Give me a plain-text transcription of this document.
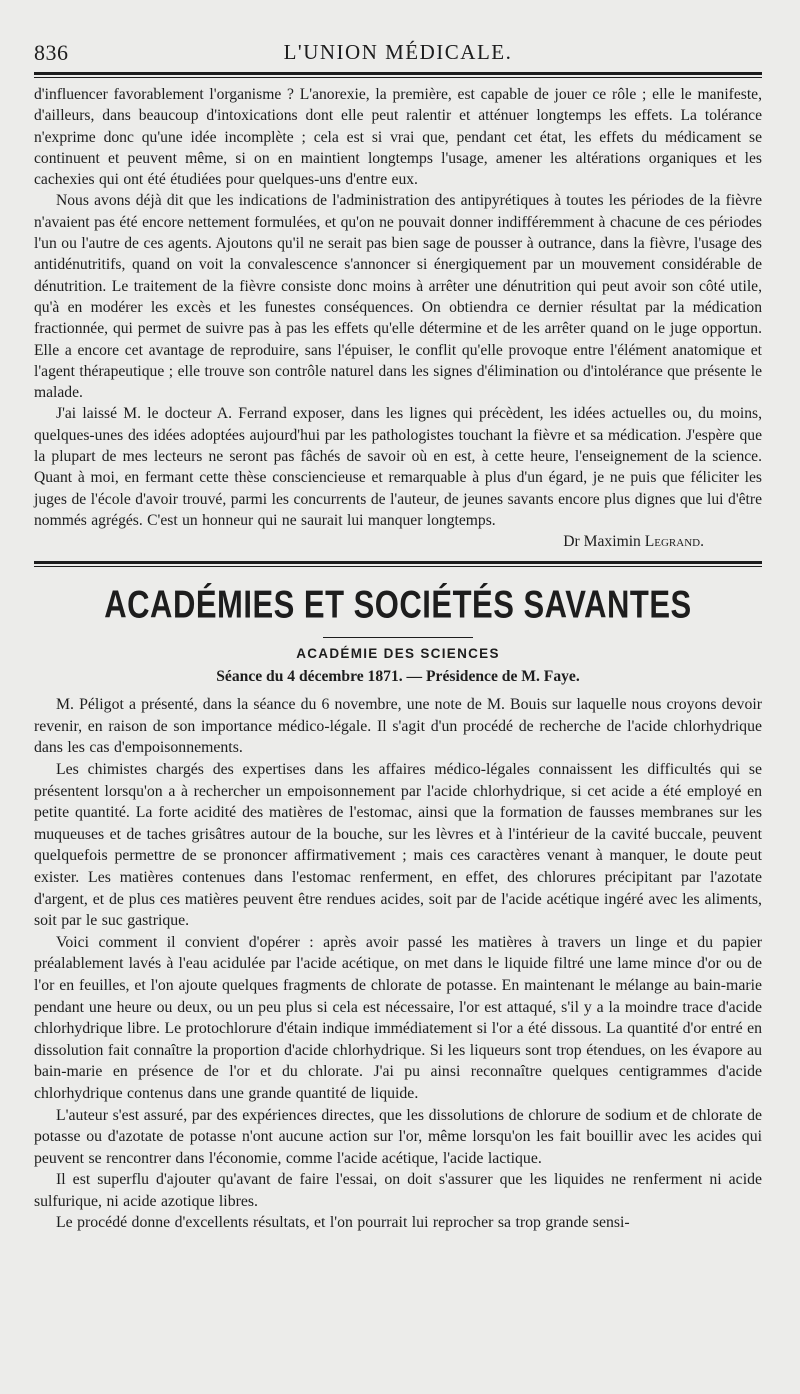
836	L'UNION MÉDICALE.

d'influencer favorablement l'organisme ? L'anorexie, la première, est capable de jouer ce rôle ; elle le manifeste, d'ailleurs, dans beaucoup d'intoxications dont elle peut ralentir et atténuer longtemps les effets. La tolérance n'exprime donc qu'une idée incomplète ; cela est si vrai que, pendant cet état, les effets du médicament se continuent et peuvent même, si on en maintient longtemps l'usage, amener les altérations organiques et les cachexies qui ont été étudiées pour quelques-uns d'entre eux.

Nous avons déjà dit que les indications de l'administration des antipyrétiques à toutes les périodes de la fièvre n'avaient pas été encore nettement formulées, et qu'on ne pouvait donner indifféremment à chacune de ces périodes l'un ou l'autre de ces agents. Ajoutons qu'il ne serait pas bien sage de pousser à outrance, dans la fièvre, l'usage des antidénutritifs, quand on voit la convalescence s'annoncer si énergiquement par un mouvement considérable de dénutrition. Le traitement de la fièvre consiste donc moins à arrêter une dénutrition qui peut avoir son côté utile, qu'à en modérer les excès et les funestes conséquences. On obtiendra ce dernier résultat par la médication fractionnée, qui permet de suivre pas à pas les effets qu'elle détermine et de les arrêter quand on le juge opportun. Elle a encore cet avantage de reproduire, sans l'épuiser, le conflit qu'elle provoque entre l'élément anatomique et l'agent thérapeutique ; elle trouve son contrôle naturel dans les signes d'élimination ou d'intolérance que présente le malade.

J'ai laissé M. le docteur A. Ferrand exposer, dans les lignes qui précèdent, les idées actuelles ou, du moins, quelques-unes des idées adoptées aujourd'hui par les pathologistes touchant la fièvre et sa médication. J'espère que la plupart de mes lecteurs ne seront pas fâchés de savoir où en est, à cette heure, l'enseignement de la science. Quant à moi, en fermant cette thèse consciencieuse et remarquable à plus d'un égard, je ne puis que féliciter les juges de l'école d'avoir trouvé, parmi les concurrents de l'auteur, de jeunes savants encore plus dignes que lui d'être nommés agrégés. C'est un honneur qui ne saurait lui manquer longtemps.

Dr Maximin Legrand.
ACADÉMIES ET SOCIÉTÉS SAVANTES
ACADÉMIE DES SCIENCES
Séance du 4 décembre 1871. — Présidence de M. Faye.

M. Péligot a présenté, dans la séance du 6 novembre, une note de M. Bouis sur laquelle nous croyons devoir revenir, en raison de son importance médico-légale. Il s'agit d'un procédé de recherche de l'acide chlorhydrique dans les cas d'empoisonnements.

Les chimistes chargés des expertises dans les affaires médico-légales connaissent les difficultés qui se présentent lorsqu'on a à rechercher un empoisonnement par l'acide chlorhydrique, si cet acide a été employé en petite quantité. La forte acidité des matières de l'estomac, ainsi que la formation de fausses membranes sur les muqueuses et de taches grisâtres autour de la bouche, sur les lèvres et à l'intérieur de la cavité buccale, peuvent quelquefois permettre de se prononcer affirmativement ; mais ces caractères venant à manquer, le doute peut exister. Les matières contenues dans l'estomac renferment, en effet, des chlorures précipitant par l'azotate d'argent, et de plus ces matières peuvent être rendues acides, soit par de l'acide acétique ingéré avec les aliments, soit par le suc gastrique.

Voici comment il convient d'opérer : après avoir passé les matières à travers un linge et du papier préalablement lavés à l'eau acidulée par l'acide acétique, on met dans le liquide filtré une lame mince d'or ou de l'or en feuilles, et l'on ajoute quelques fragments de chlorate de potasse. En maintenant le mélange au bain-marie pendant une heure ou deux, ou un peu plus si cela est nécessaire, l'or est attaqué, s'il y a la moindre trace d'acide chlorhydrique libre. Le protochlorure d'étain indique immédiatement si l'or a été dissous. La quantité d'or entré en dissolution fait connaître la proportion d'acide chlorhydrique. Si les liqueurs sont trop étendues, on les évapore au bain-marie en présence de l'or et du chlorate. J'ai pu ainsi reconnaître quelques centigrammes d'acide chlorhydrique contenus dans une grande quantité de liquide.

L'auteur s'est assuré, par des expériences directes, que les dissolutions de chlorure de sodium et de chlorate de potasse ou d'azotate de potasse n'ont aucune action sur l'or, même lorsqu'on les fait bouillir avec les acides qui peuvent se rencontrer dans l'économie, comme l'acide acétique, l'acide lactique.

Il est superflu d'ajouter qu'avant de faire l'essai, on doit s'assurer que les liquides ne renferment ni acide sulfurique, ni acide azotique libres.

Le procédé donne d'excellents résultats, et l'on pourrait lui reprocher sa trop grande sensi-
